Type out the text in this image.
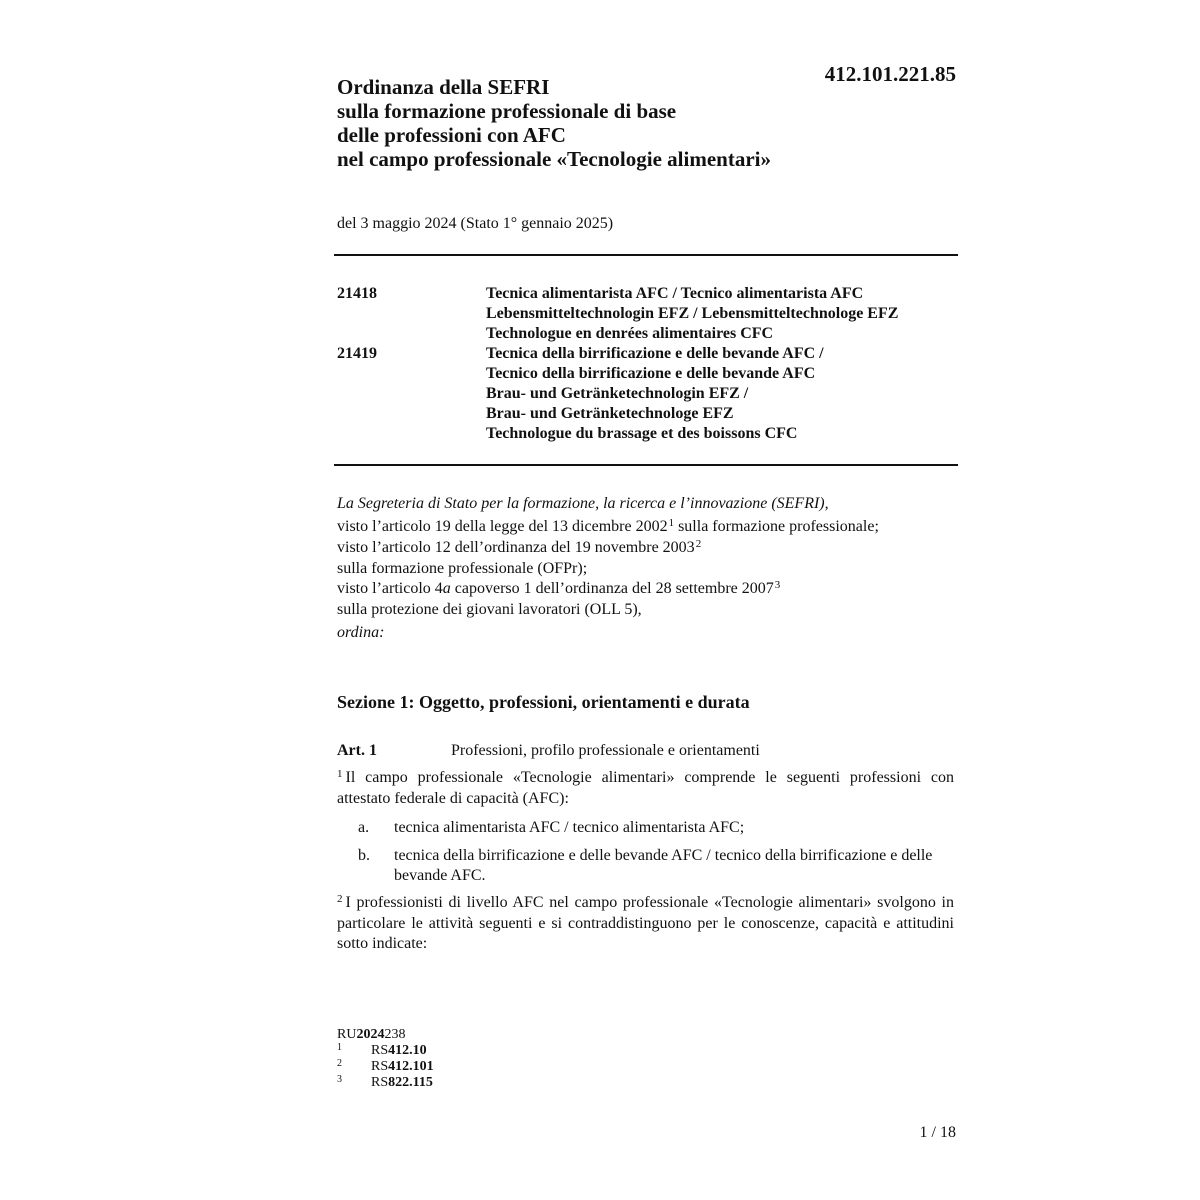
412.101.221.85
Ordinanza della SEFRI
sulla formazione professionale di base
delle professioni con AFC
nel campo professionale «Tecnologie alimentari»
del 3 maggio 2024 (Stato 1° gennaio 2025)
21418	Tecnica alimentarista AFC / Tecnico alimentarista AFC
Lebensmitteltechnologin EFZ / Lebensmitteltechnologe EFZ
Technologue en denrées alimentaires CFC
21419	Tecnica della birrificazione e delle bevande AFC /
Tecnico della birrificazione e delle bevande AFC
Brau- und Getränketechnologin EFZ /
Brau- und Getränketechnologe EFZ
Technologue du brassage et des boissons CFC
La Segreteria di Stato per la formazione, la ricerca e l’innovazione (SEFRI),
visto l’articolo 19 della legge del 13 dicembre 2002$^1$ sulla formazione professionale;
visto l’articolo 12 dell’ordinanza del 19 novembre 2003$^2$
sulla formazione professionale (OFPr);
visto l’articolo 4a capoverso 1 dell’ordinanza del 28 settembre 2007$^3$
sulla protezione dei giovani lavoratori (OLL 5),
ordina:
Sezione 1: Oggetto, professioni, orientamenti e durata
Art. 1	Professioni, profilo professionale e orientamenti
$^1$ Il campo professionale «Tecnologie alimentari» comprende le seguenti professioni con attestato federale di capacità (AFC):
a.	tecnica alimentarista AFC / tecnico alimentarista AFC;
b.	tecnica della birrificazione e delle bevande AFC / tecnico della birrificazione e delle bevande AFC.
$^2$ I professionisti di livello AFC nel campo professionale «Tecnologie alimentari» svolgono in particolare le attività seguenti e si contraddistinguono per le conoscenze, capacità e attitudini sotto indicate:
RU 2024 238
1	RS 412.10
2	RS 412.101
3	RS 822.115
1 / 18
